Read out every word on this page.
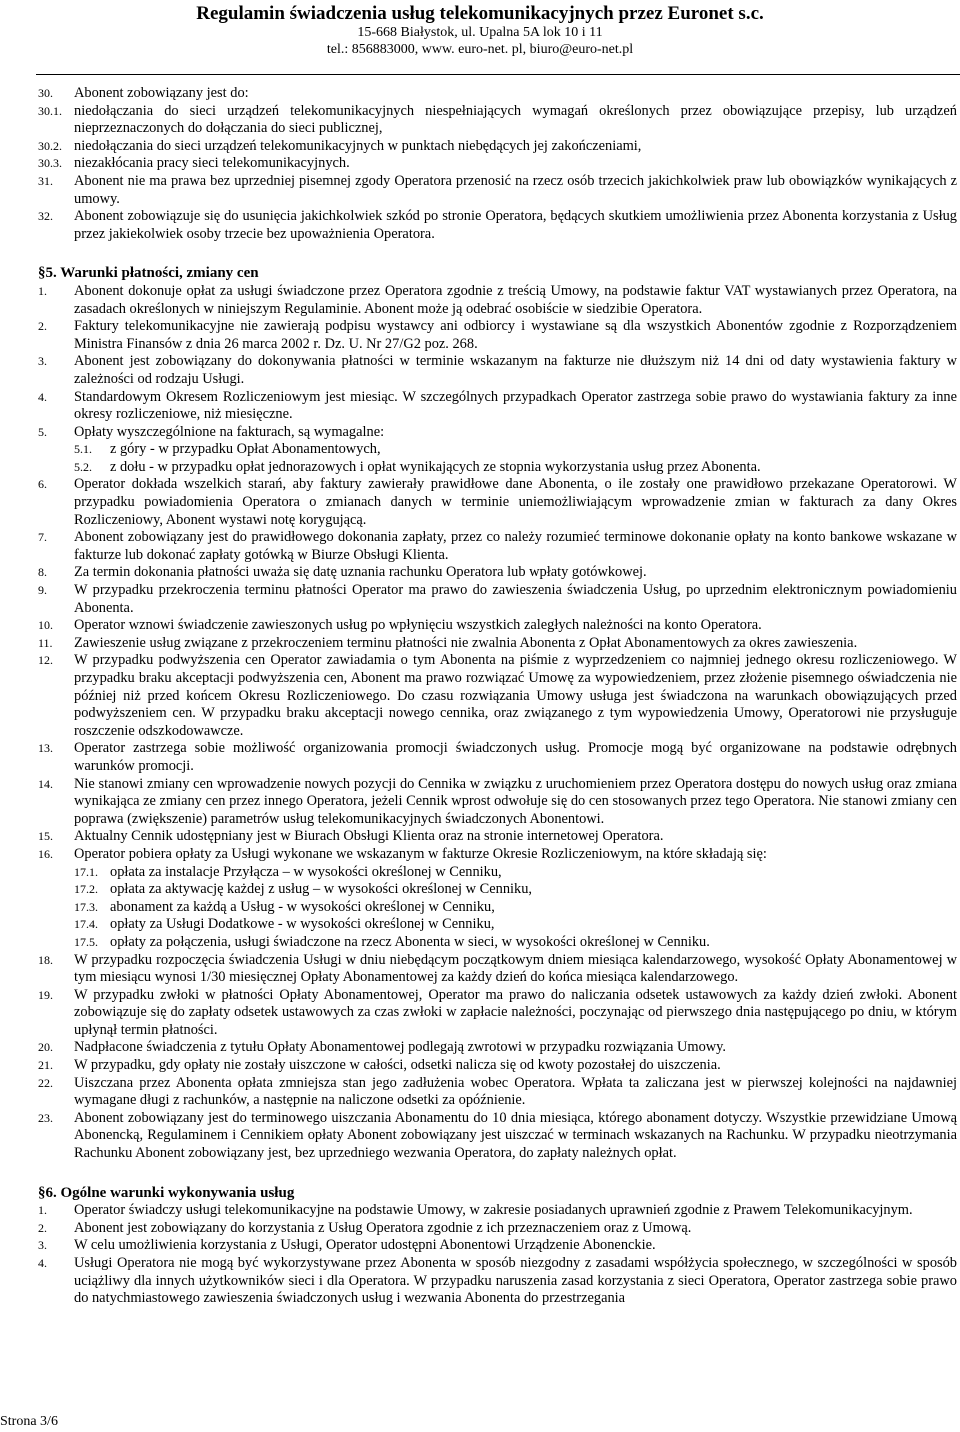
Regulamin świadczenia usług telekomunikacyjnych przez Euronet s.c.
15-668 Białystok, ul. Upalna 5A lok 10 i 11
tel.: 856883000, www. euro-net. pl, biuro@euro-net.pl
30.	Abonent zobowiązany jest do:
30.1. niedołączania do sieci urządzeń telekomunikacyjnych niespełniających wymagań określonych przez obowiązujące przepisy, lub urządzeń nieprzeznaczonych do dołączania do sieci publicznej,
30.2. niedołączania do sieci urządzeń telekomunikacyjnych w punktach niebędących jej zakończeniami,
30.3. niezakłócania pracy sieci telekomunikacyjnych.
31.	Abonent nie ma prawa bez uprzedniej pisemnej zgody Operatora przenosić na rzecz osób trzecich jakichkolwiek praw lub obowiązków wynikających z umowy.
32.	Abonent zobowiązuje się do usunięcia jakichkolwiek szkód po stronie Operatora, będących skutkiem umożliwienia przez Abonenta korzystania z Usług przez jakiekolwiek osoby trzecie bez upoważnienia Operatora.
§5. Warunki płatności, zmiany cen
1.	Abonent dokonuje opłat za usługi świadczone przez Operatora zgodnie z treścią Umowy, na podstawie faktur VAT wystawianych przez Operatora, na zasadach określonych w niniejszym Regulaminie. Abonent może ją odebrać osobiście w siedzibie Operatora.
2.	Faktury telekomunikacyjne nie zawierają podpisu wystawcy ani odbiorcy i wystawiane są dla wszystkich Abonentów zgodnie z Rozporządzeniem Ministra Finansów z dnia 26 marca 2002 r. Dz. U. Nr 27/G2 poz. 268.
3.	Abonent jest zobowiązany do dokonywania płatności w terminie wskazanym na fakturze nie dłuższym niż 14 dni od daty wystawienia faktury w zależności od rodzaju Usługi.
4.	Standardowym Okresem Rozliczeniowym jest miesiąc. W szczególnych przypadkach Operator zastrzega sobie prawo do wystawiania faktury za inne okresy rozliczeniowe, niż miesięczne.
5.	Opłaty wyszczególnione na fakturach, są wymagalne:
5.1.	z góry - w przypadku Opłat Abonamentowych,
5.2.	z dołu - w przypadku opłat jednorazowych i opłat wynikających ze stopnia wykorzystania usług przez Abonenta.
6.	Operator dokłada wszelkich starań, aby faktury zawierały prawidłowe dane Abonenta, o ile zostały one prawidłowo przekazane Operatorowi. W przypadku powiadomienia Operatora o zmianach danych w terminie uniemożliwiającym wprowadzenie zmian w fakturach za dany Okres Rozliczeniowy, Abonent wystawi notę korygującą.
7.	Abonent zobowiązany jest do prawidłowego dokonania zapłaty, przez co należy rozumieć terminowe dokonanie opłaty na konto bankowe wskazane w fakturze lub dokonać zapłaty gotówką w Biurze Obsługi Klienta.
8.	Za termin dokonania płatności uważa się datę uznania rachunku Operatora lub wpłaty gotówkowej.
9.	W przypadku przekroczenia terminu płatności Operator ma prawo do zawieszenia świadczenia Usług, po uprzednim elektronicznym powiadomieniu Abonenta.
10.	Operator wznowi świadczenie zawieszonych usług po wpłynięciu wszystkich zaległych należności na konto Operatora.
11.	Zawieszenie usług związane z przekroczeniem terminu płatności nie zwalnia Abonenta z Opłat Abonamentowych za okres zawieszenia.
12.	W przypadku podwyższenia cen Operator zawiadamia o tym Abonenta na piśmie z wyprzedzeniem co najmniej jednego okresu rozliczeniowego. W przypadku braku akceptacji podwyższenia cen, Abonent ma prawo rozwiązać Umowę za wypowiedzeniem, przez złożenie pisemnego oświadczenia nie później niż przed końcem Okresu Rozliczeniowego. Do czasu rozwiązania Umowy usługa jest świadczona na warunkach obowiązujących przed podwyższeniem cen. W przypadku braku akceptacji nowego cennika, oraz związanego z tym wypowiedzenia Umowy, Operatorowi nie przysługuje roszczenie odszkodowawcze.
13.	Operator zastrzega sobie możliwość organizowania promocji świadczonych usług. Promocje mogą być organizowane na podstawie odrębnych warunków promocji.
14.	Nie stanowi zmiany cen wprowadzenie nowych pozycji do Cennika w związku z uruchomieniem przez Operatora dostępu do nowych usług oraz zmiana wynikająca ze zmiany cen przez innego Operatora, jeżeli Cennik wprost odwołuje się do cen stosowanych przez tego Operatora. Nie stanowi zmiany cen poprawa (zwiększenie) parametrów usług telekomunikacyjnych świadczonych Abonentowi.
15.	Aktualny Cennik udostępniany jest w Biurach Obsługi Klienta oraz na stronie internetowej Operatora.
16.	Operator pobiera opłaty za Usługi wykonane we wskazanym w fakturze Okresie Rozliczeniowym, na które składają się:
17.1. opłata za instalacje Przyłącza – w wysokości określonej w Cenniku,
17.2. opłata za aktywację każdej z usług – w wysokości określonej w Cenniku,
17.3. abonament za każdą a Usług - w wysokości określonej w Cenniku,
17.4. opłaty za Usługi Dodatkowe - w wysokości określonej w Cenniku,
17.5. opłaty za połączenia, usługi świadczone na rzecz Abonenta w sieci, w wysokości określonej w Cenniku.
18.	W przypadku rozpoczęcia świadczenia Usługi w dniu niebędącym początkowym dniem miesiąca kalendarzowego, wysokość Opłaty Abonamentowej w tym miesiącu wynosi 1/30 miesięcznej Opłaty Abonamentowej za każdy dzień do końca miesiąca kalendarzowego.
19.	W przypadku zwłoki w płatności Opłaty Abonamentowej, Operator ma prawo do naliczania odsetek ustawowych za każdy dzień zwłoki. Abonent zobowiązuje się do zapłaty odsetek ustawowych za czas zwłoki w zapłacie należności, poczynając od pierwszego dnia następującego po dniu, w którym upłynął termin płatności.
20.	Nadpłacone świadczenia z tytułu Opłaty Abonamentowej podlegają zwrotowi w przypadku rozwiązania Umowy.
21.	W przypadku, gdy opłaty nie zostały uiszczone w całości, odsetki nalicza się od kwoty pozostałej do uiszczenia.
22.	Uiszczana przez Abonenta opłata zmniejsza stan jego zadłużenia wobec Operatora. Wpłata ta zaliczana jest w pierwszej kolejności na najdawniej wymagane długi z rachunków, a następnie na naliczone odsetki za opóźnienie.
23.	Abonent zobowiązany jest do terminowego uiszczania Abonamentu do 10 dnia miesiąca, którego abonament dotyczy. Wszystkie przewidziane Umową Abonencką, Regulaminem i Cennikiem opłaty Abonent zobowiązany jest uiszczać w terminach wskazanych na Rachunku. W przypadku nieotrzymania Rachunku Abonent zobowiązany jest, bez uprzedniego wezwania Operatora, do zapłaty należnych opłat.
§6. Ogólne warunki wykonywania usług
1.	Operator świadczy usługi telekomunikacyjne na podstawie Umowy, w zakresie posiadanych uprawnień zgodnie z Prawem Telekomunikacyjnym.
2.	Abonent jest zobowiązany do korzystania z Usług Operatora zgodnie z ich przeznaczeniem oraz z Umową.
3.	W celu umożliwienia korzystania z Usługi, Operator udostępni Abonentowi Urządzenie Abonenckie.
4.	Usługi Operatora nie mogą być wykorzystywane przez Abonenta w sposób niezgodny z zasadami współżycia społecznego, w szczególności w sposób uciążliwy dla innych użytkowników sieci i dla Operatora. W przypadku naruszenia zasad korzystania z sieci Operatora, Operator zastrzega sobie prawo do natychmiastowego zawieszenia świadczonych usług i wezwania Abonenta do przestrzegania
Strona 3/6
